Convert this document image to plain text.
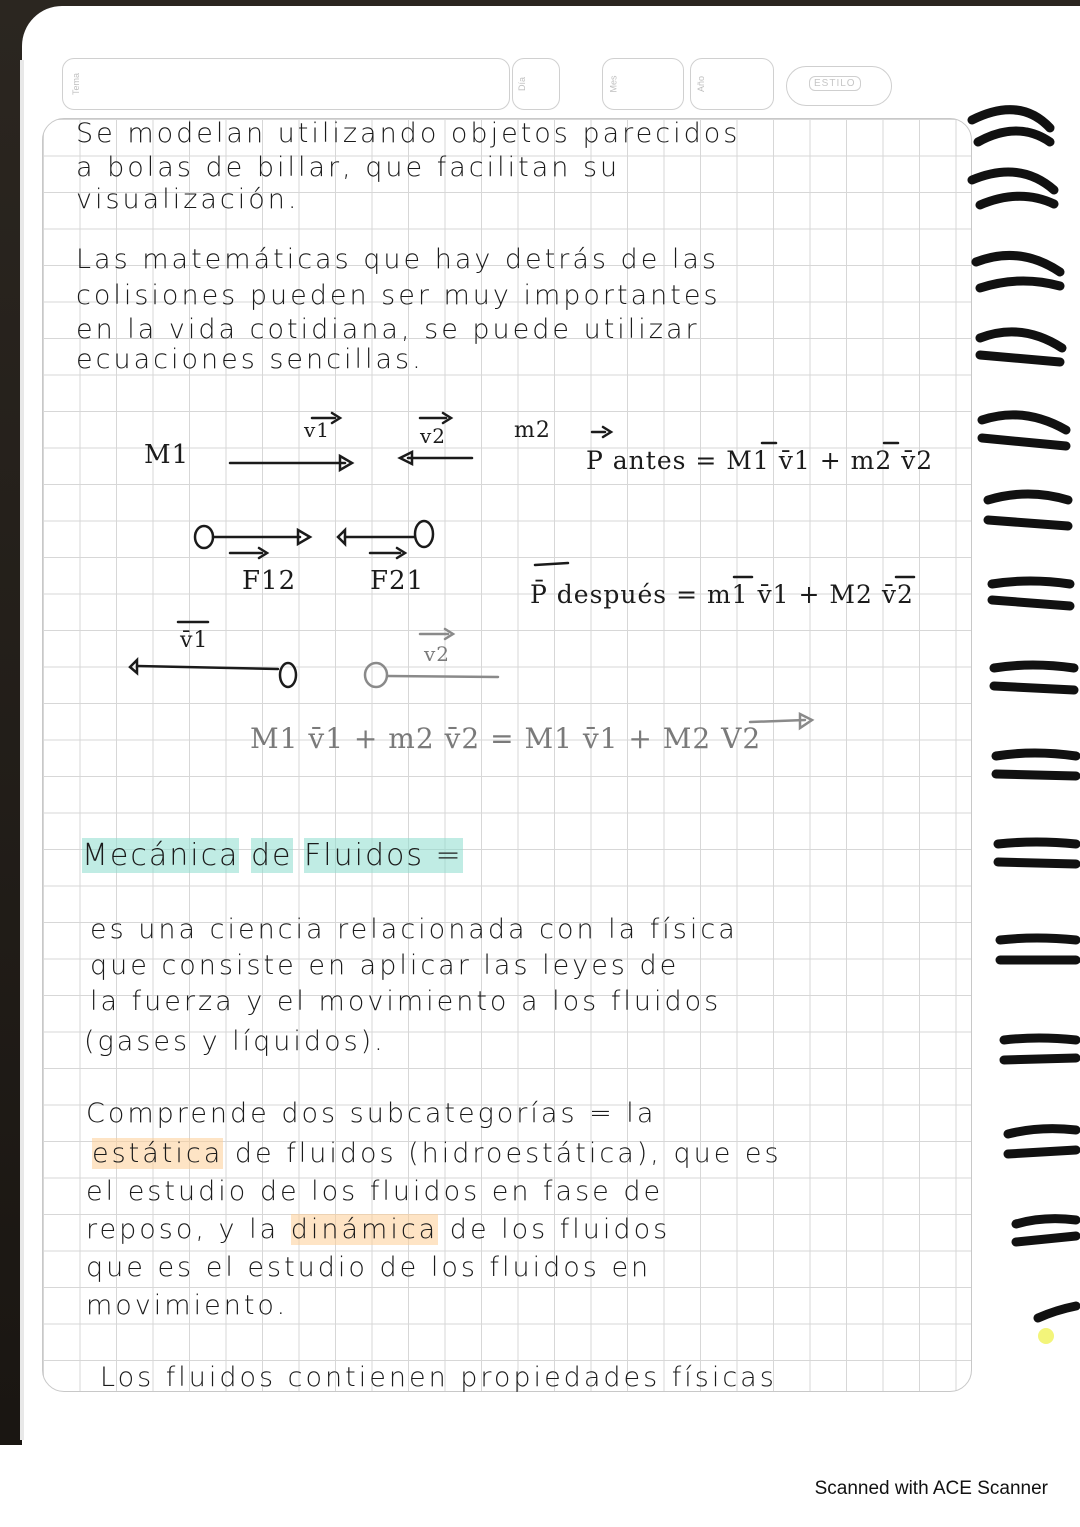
Tema	Día	Mes	Año	ESTILO
Se modelan utilizando objetos parecidos
a bolas de billar, que facilitan su
visualización.
Las matemáticas que hay detrás de las
colisiones pueden ser muy importantes
en la vida cotidiana, se puede utilizar
ecuaciones sencillas.
M1
v1	v2	m2
P antes = M1 v̄1 + m2 v̄2
F12	F21	P̄ después = m1 v̄1 + M2 v̄2
v̄1
v2
M1 v̄1 + m2 v̄2 = M1 v̄1 + M2 V2
Mecánica de Fluidos =
es una ciencia relacionada con la física
que consiste en aplicar las leyes de
la fuerza y el movimiento a los fluidos
(gases y líquidos).
Comprende dos subcategorías = la
estática de fluidos (hidroestática), que es
el estudio de los fluidos en fase de
reposo, y la dinámica de los fluidos
que es el estudio de los fluidos en
movimiento.
Los fluidos contienen propiedades físicas
Scanned with ACE Scanner
